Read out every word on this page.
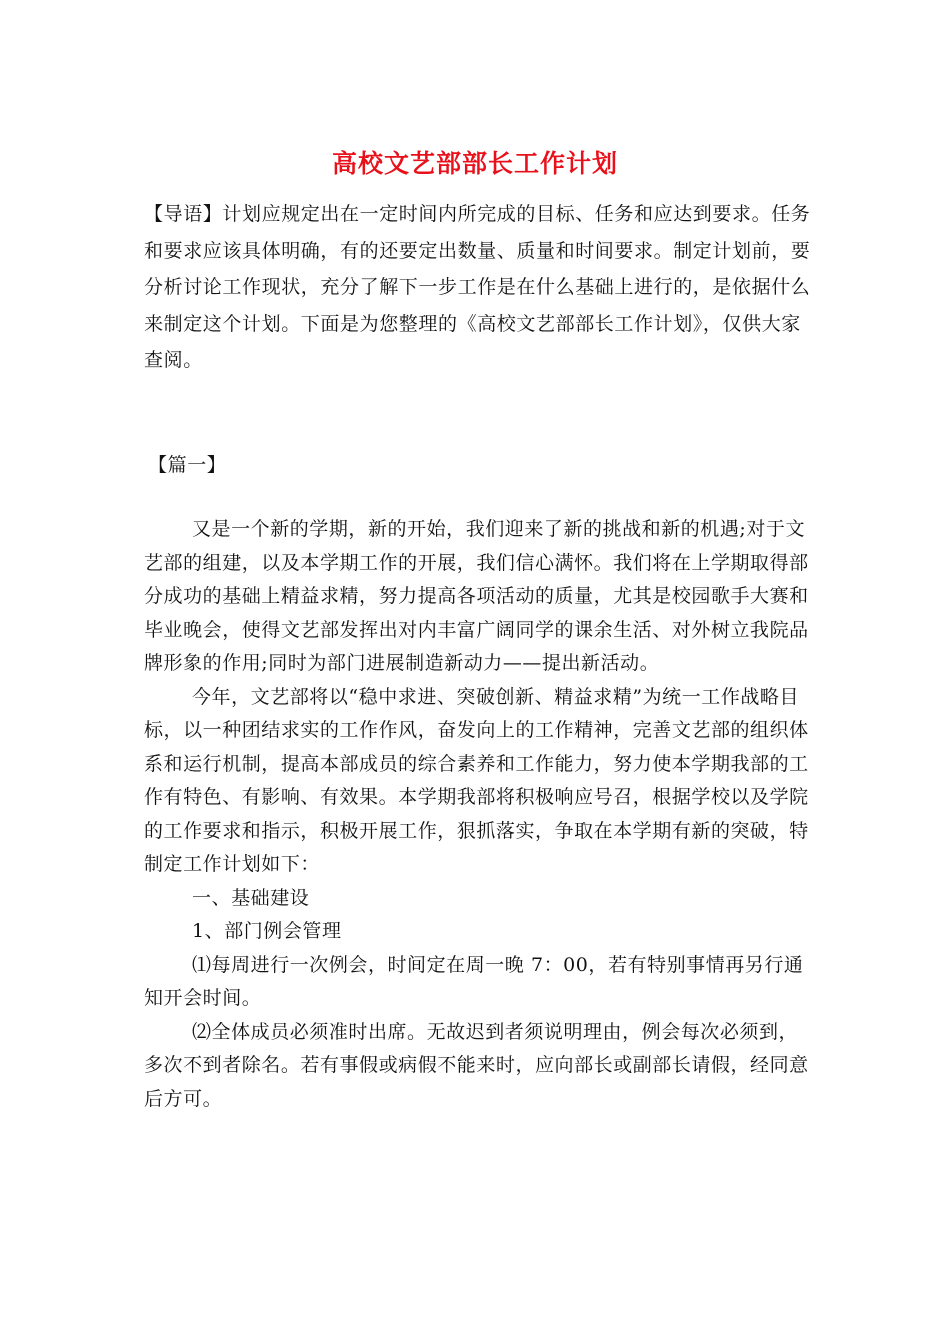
高校文艺部部长工作计划
【导语】计划应规定出在一定时间内所完成的目标、任务和应达到要求。任务
和要求应该具体明确，有的还要定出数量、质量和时间要求。制定计划前，要
分析讨论工作现状，充分了解下一步工作是在什么基础上进行的，是依据什么
来制定这个计划。下面是为您整理的《高校文艺部部长工作计划》，仅供大家
查阅。
【篇一】
又是一个新的学期，新的开始，我们迎来了新的挑战和新的机遇;对于文
艺部的组建，以及本学期工作的开展，我们信心满怀。我们将在上学期取得部
分成功的基础上精益求精，努力提高各项活动的质量，尤其是校园歌手大赛和
毕业晚会，使得文艺部发挥出对内丰富广阔同学的课余生活、对外树立我院品
牌形象的作用;同时为部门进展制造新动力——提出新活动。
今年，文艺部将以“稳中求进、突破创新、精益求精”为统一工作战略目
标，以一种团结求实的工作作风，奋发向上的工作精神，完善文艺部的组织体
系和运行机制，提高本部成员的综合素养和工作能力，努力使本学期我部的工
作有特色、有影响、有效果。本学期我部将积极响应号召，根据学校以及学院
的工作要求和指示，积极开展工作，狠抓落实，争取在本学期有新的突破，特
制定工作计划如下：
一、基础建设
1、部门例会管理
⑴每周进行一次例会，时间定在周一晚 7：00，若有特别事情再另行通
知开会时间。
⑵全体成员必须准时出席。无故迟到者须说明理由，例会每次必须到，
多次不到者除名。若有事假或病假不能来时，应向部长或副部长请假，经同意
后方可。
